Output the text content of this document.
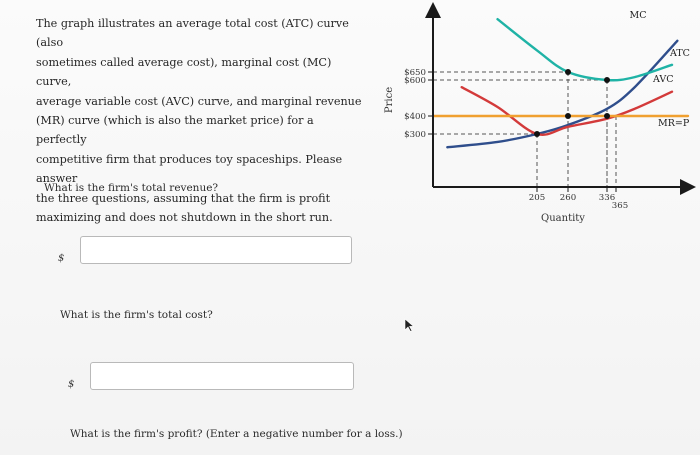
The graph illustrates an average total cost (ATC) curve (also
sometimes called average cost), marginal cost (MC) curve,
average variable cost (AVC) curve, and marginal revenue
(MR) curve (which is also the market price) for a perfectly
competitive firm that produces toy spaceships. Please answer
the three questions, assuming that the firm is profit
maximizing and does not shutdown in the short run.
What is the firm's total revenue?
$
What is the firm's total cost?
$
What is the firm's profit? (Enter a negative number for a loss.)
$300
$400
$600
$650
205 260	336
365
MC
ATC
AVC
MR=P
Price
Quantity
